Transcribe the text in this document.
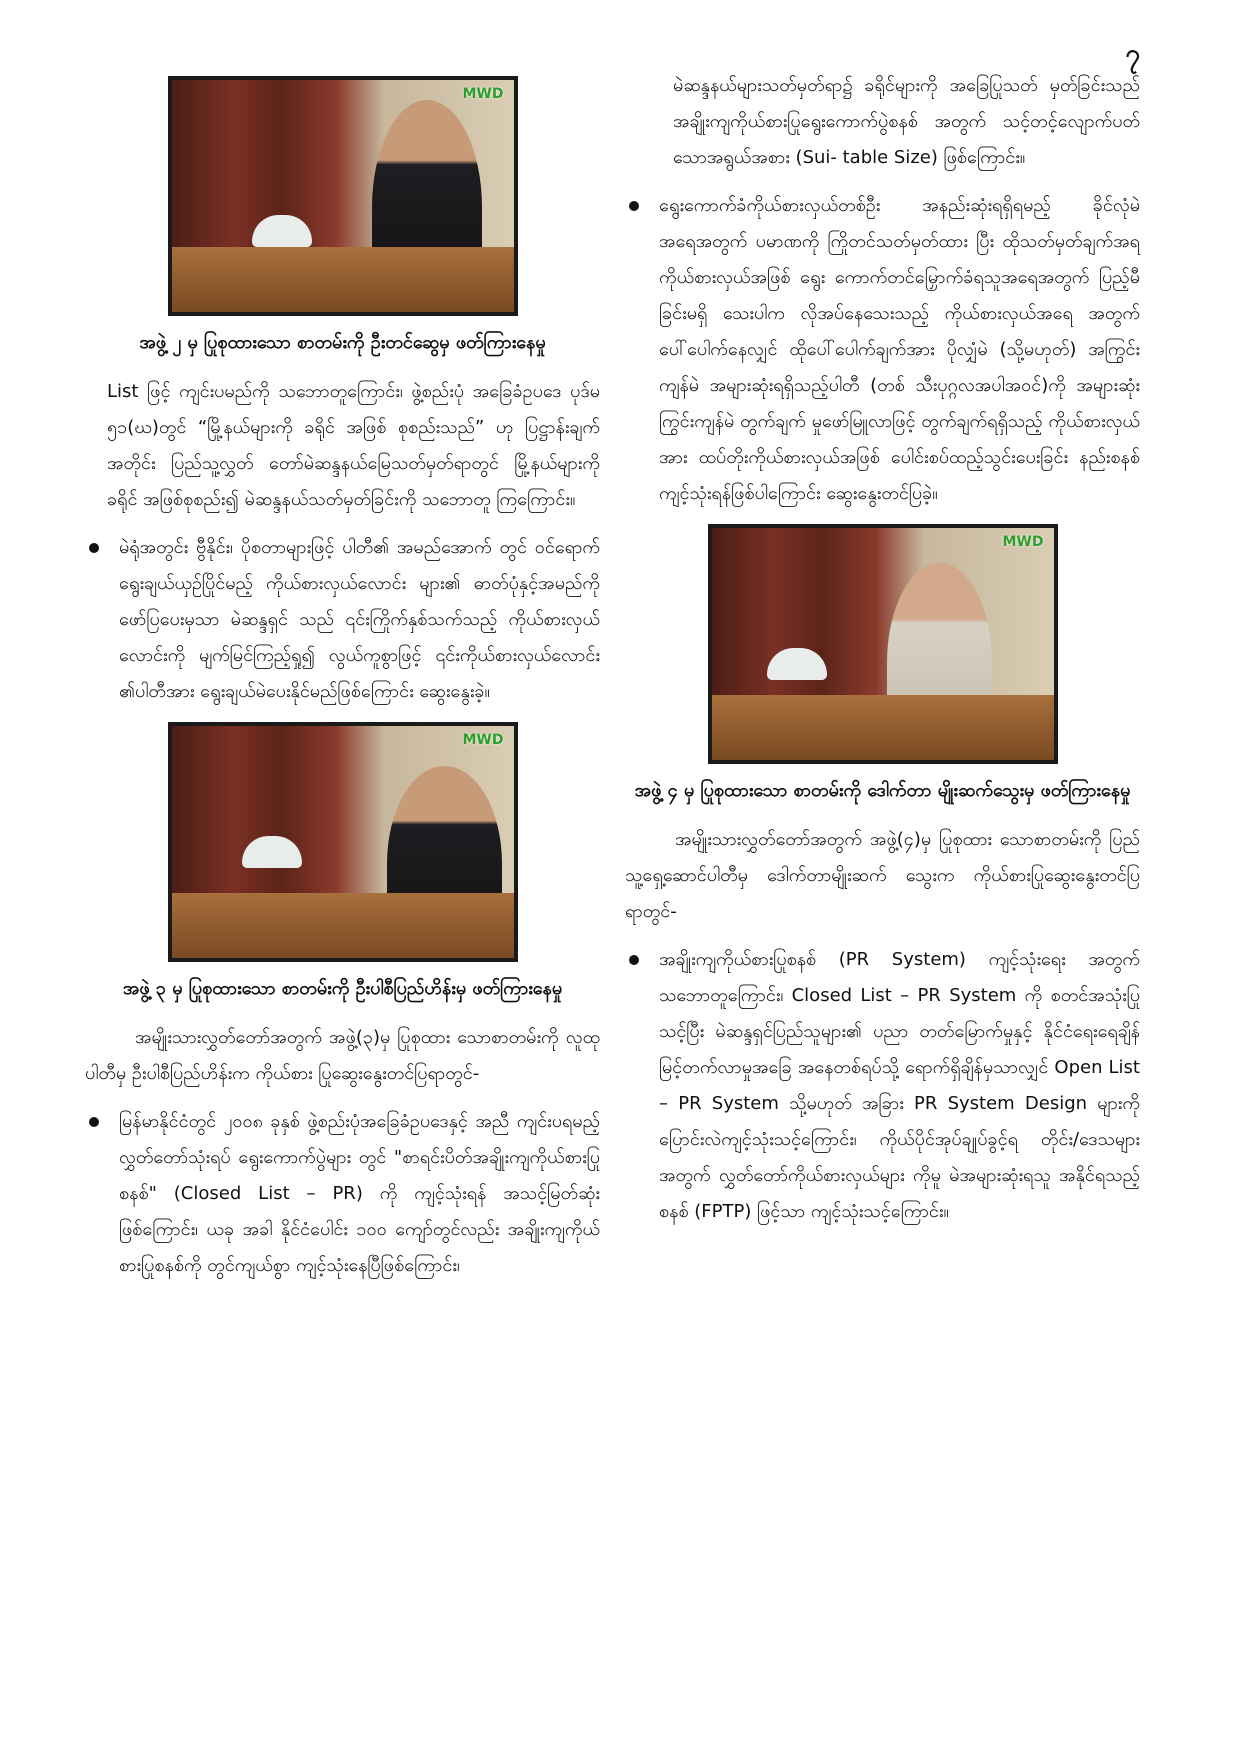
၇
MWD
အဖွဲ့ ၂ မှ ပြုစုထားသော စာတမ်းကို ဦးတင်ဆွေမှ ဖတ်ကြားနေမှု

List ဖြင့် ကျင်းပမည်ကို သဘောတူကြောင်း၊ ဖွဲ့စည်းပုံ အခြေခံဥပဒေ ပုဒ်မ ၅၁(ဃ)တွင် “မြို့နယ်များကို ခရိုင် အဖြစ် စုစည်းသည်” ဟု ပြဋ္ဌာန်းချက်အတိုင်း ပြည်သူ့လွှတ် တော်မဲဆန္ဒနယ်မြေသတ်မှတ်ရာတွင် မြို့နယ်များကို ခရိုင် အဖြစ်စုစည်း၍ မဲဆန္ဒနယ်သတ်မှတ်ခြင်းကို သဘောတူ ကြကြောင်း။

မဲရုံအတွင်း ဗွီနိုင်း၊ ပိုစတာများဖြင့် ပါတီ၏ အမည်အောက် တွင် ဝင်ရောက်ရွေးချယ်ယှဉ်ပြိုင်မည့် ကိုယ်စားလှယ်လောင်း များ၏ ဓာတ်ပုံနှင့်အမည်ကို ဖော်ပြပေးမှသာ မဲဆန္ဒရှင် သည် ၎င်းကြိုက်နှစ်သက်သည့် ကိုယ်စားလှယ်လောင်းကို မျက်မြင်ကြည့်ရှု၍ လွယ်ကူစွာဖြင့် ၎င်းကိုယ်စားလှယ်လောင်း ၏ပါတီအား ရွေးချယ်မဲပေးနိုင်မည်ဖြစ်ကြောင်း ဆွေးနွေးခဲ့။
MWD
အဖွဲ့ ၃ မှ ပြုစုထားသော စာတမ်းကို ဦးပါစီပြည်ဟိန်းမှ ဖတ်ကြားနေမှု

အမျိုးသားလွှတ်တော်အတွက် အဖွဲ့(၃)မှ ပြုစုထား သောစာတမ်းကို လူထုပါတီမှ ဦးပါစီပြည်ဟိန်းက ကိုယ်စား ပြုဆွေးနွေးတင်ပြရာတွင်-

မြန်မာနိုင်ငံတွင် ၂၀၀၈ ခုနှစ် ဖွဲ့စည်းပုံအခြေခံဥပဒေနှင့် အညီ ကျင်းပရမည့် လွှတ်တော်သုံးရပ် ရွေးကောက်ပွဲများ တွင် "စာရင်းပိတ်အချိုးကျကိုယ်စားပြုစနစ်" (Closed List – PR) ကို ကျင့်သုံးရန် အသင့်မြတ်ဆုံးဖြစ်ကြောင်း၊ ယခု အခါ နိုင်ငံပေါင်း ၁၀၀ ကျော်တွင်လည်း အချိုးကျကိုယ် စားပြုစနစ်ကို တွင်ကျယ်စွာ ကျင့်သုံးနေပြီဖြစ်ကြောင်း၊

မဲဆန္ဒနယ်များသတ်မှတ်ရာ၌ ခရိုင်များကို အခြေပြုသတ် မှတ်ခြင်းသည် အချိုးကျကိုယ်စားပြုရွေးကောက်ပွဲစနစ် အတွက် သင့်တင့်လျောက်ပတ်သောအရွယ်အစား (Sui- table Size) ဖြစ်ကြောင်း။

ရွေးကောက်ခံကိုယ်စားလှယ်တစ်ဦး အနည်းဆုံးရရှိရမည့် ခိုင်လုံမဲအရေအတွက် ပမာဏကို ကြိုတင်သတ်မှတ်ထား ပြီး ထိုသတ်မှတ်ချက်အရ ကိုယ်စားလှယ်အဖြစ် ရွေး ကောက်တင်မြှောက်ခံရသူအရေအတွက် ပြည့်မီခြင်းမရှိ သေးပါက လိုအပ်နေသေးသည့် ကိုယ်စားလှယ်အရေ အတွက် ပေါ်ပေါက်နေလျှင် ထိုပေါ်ပေါက်ချက်အား ပိုလျှံမဲ (သို့မဟုတ်) အကြွင်းကျန်မဲ အများဆုံးရရှိသည့်ပါတီ (တစ် သီးပုဂ္ဂလအပါအဝင်)ကို အများဆုံးကြွင်းကျန်မဲ တွက်ချက် မှုဖော်မြူလာဖြင့် တွက်ချက်ရရှိသည့် ကိုယ်စားလှယ်အား ထပ်တိုးကိုယ်စားလှယ်အဖြစ် ပေါင်းစပ်ထည့်သွင်းပေးခြင်း နည်းစနစ်ကျင့်သုံးရန်ဖြစ်ပါကြောင်း ဆွေးနွေးတင်ပြခဲ့။
MWD
အဖွဲ့ ၄ မှ ပြုစုထားသော စာတမ်းကို ဒေါက်တာ မျိုးဆက်သွေးမှ ဖတ်ကြားနေမှု

အမျိုးသားလွှတ်တော်အတွက် အဖွဲ့(၄)မှ ပြုစုထား သောစာတမ်းကို ပြည်သူ့ရှေ့ဆောင်ပါတီမှ ဒေါက်တာမျိုးဆက် သွေးက ကိုယ်စားပြုဆွေးနွေးတင်ပြရာတွင်-

အချိုးကျကိုယ်စားပြုစနစ် (PR System) ကျင့်သုံးရေး အတွက် သဘောတူကြောင်း၊ Closed List – PR System ကို စတင်အသုံးပြုသင့်ပြီး မဲဆန္ဒရှင်ပြည်သူများ၏ ပညာ တတ်မြောက်မှုနှင့် နိုင်ငံရေးရေချိန်မြင့်တက်လာမှုအခြေ အနေတစ်ရပ်သို့ ရောက်ရှိချိန်မှသာလျှင် Open List – PR System သို့မဟုတ် အခြား PR System Design များကို ပြောင်းလဲကျင့်သုံးသင့်ကြောင်း၊ ကိုယ်ပိုင်အုပ်ချုပ်ခွင့်ရ တိုင်း/ဒေသများအတွက် လွှတ်တော်ကိုယ်စားလှယ်များ ကိုမူ မဲအများဆုံးရသူ အနိုင်ရသည့်စနစ် (FPTP) ဖြင့်သာ ကျင့်သုံးသင့်ကြောင်း။
